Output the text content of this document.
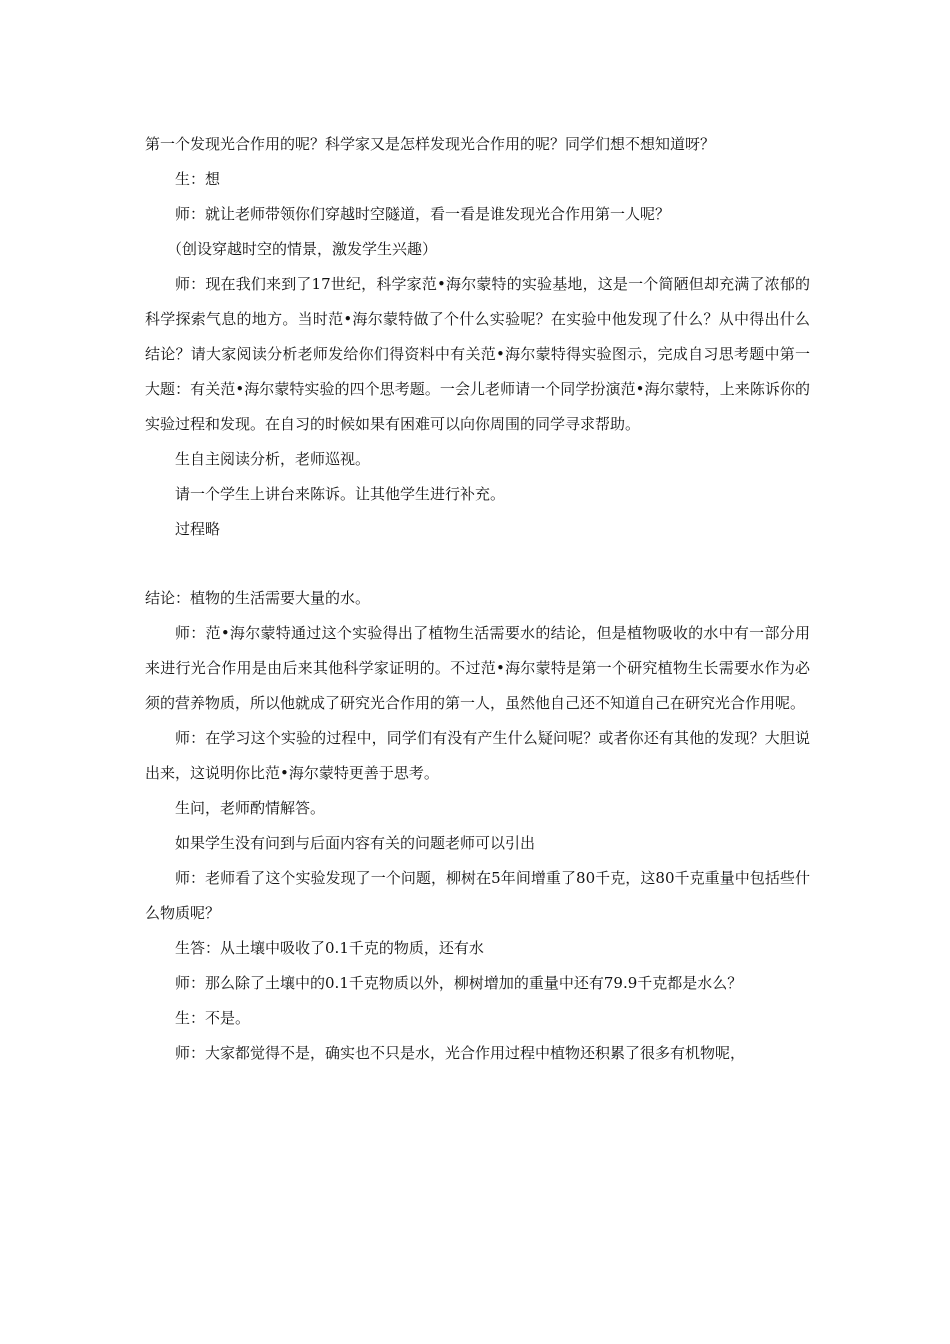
第一个发现光合作用的呢？科学家又是怎样发现光合作用的呢？同学们想不想知道呀？

生：想

师：就让老师带领你们穿越时空隧道，看一看是谁发现光合作用第一人呢？

（创设穿越时空的情景，激发学生兴趣）

师：现在我们来到了17世纪，科学家范•海尔蒙特的实验基地，这是一个简陋但却充满了浓郁的科学探索气息的地方。当时范•海尔蒙特做了个什么实验呢？在实验中他发现了什么？从中得出什么结论？请大家阅读分析老师发给你们得资料中有关范•海尔蒙特得实验图示，完成自习思考题中第一大题：有关范•海尔蒙特实验的四个思考题。一会儿老师请一个同学扮演范•海尔蒙特，上来陈诉你的实验过程和发现。在自习的时候如果有困难可以向你周围的同学寻求帮助。

生自主阅读分析，老师巡视。

请一个学生上讲台来陈诉。让其他学生进行补充。

过程略

结论：植物的生活需要大量的水。

师：范•海尔蒙特通过这个实验得出了植物生活需要水的结论，但是植物吸收的水中有一部分用来进行光合作用是由后来其他科学家证明的。不过范•海尔蒙特是第一个研究植物生长需要水作为必须的营养物质，所以他就成了研究光合作用的第一人，虽然他自己还不知道自己在研究光合作用呢。

师：在学习这个实验的过程中，同学们有没有产生什么疑问呢？或者你还有其他的发现？大胆说出来，这说明你比范•海尔蒙特更善于思考。

生问，老师酌情解答。

如果学生没有问到与后面内容有关的问题老师可以引出

师：老师看了这个实验发现了一个问题，柳树在5年间增重了80千克，这80千克重量中包括些什么物质呢？

生答：从土壤中吸收了0.1千克的物质，还有水

师：那么除了土壤中的0.1千克物质以外，柳树增加的重量中还有79.9千克都是水么？

生：不是。

师：大家都觉得不是，确实也不只是水，光合作用过程中植物还积累了很多有机物呢，
